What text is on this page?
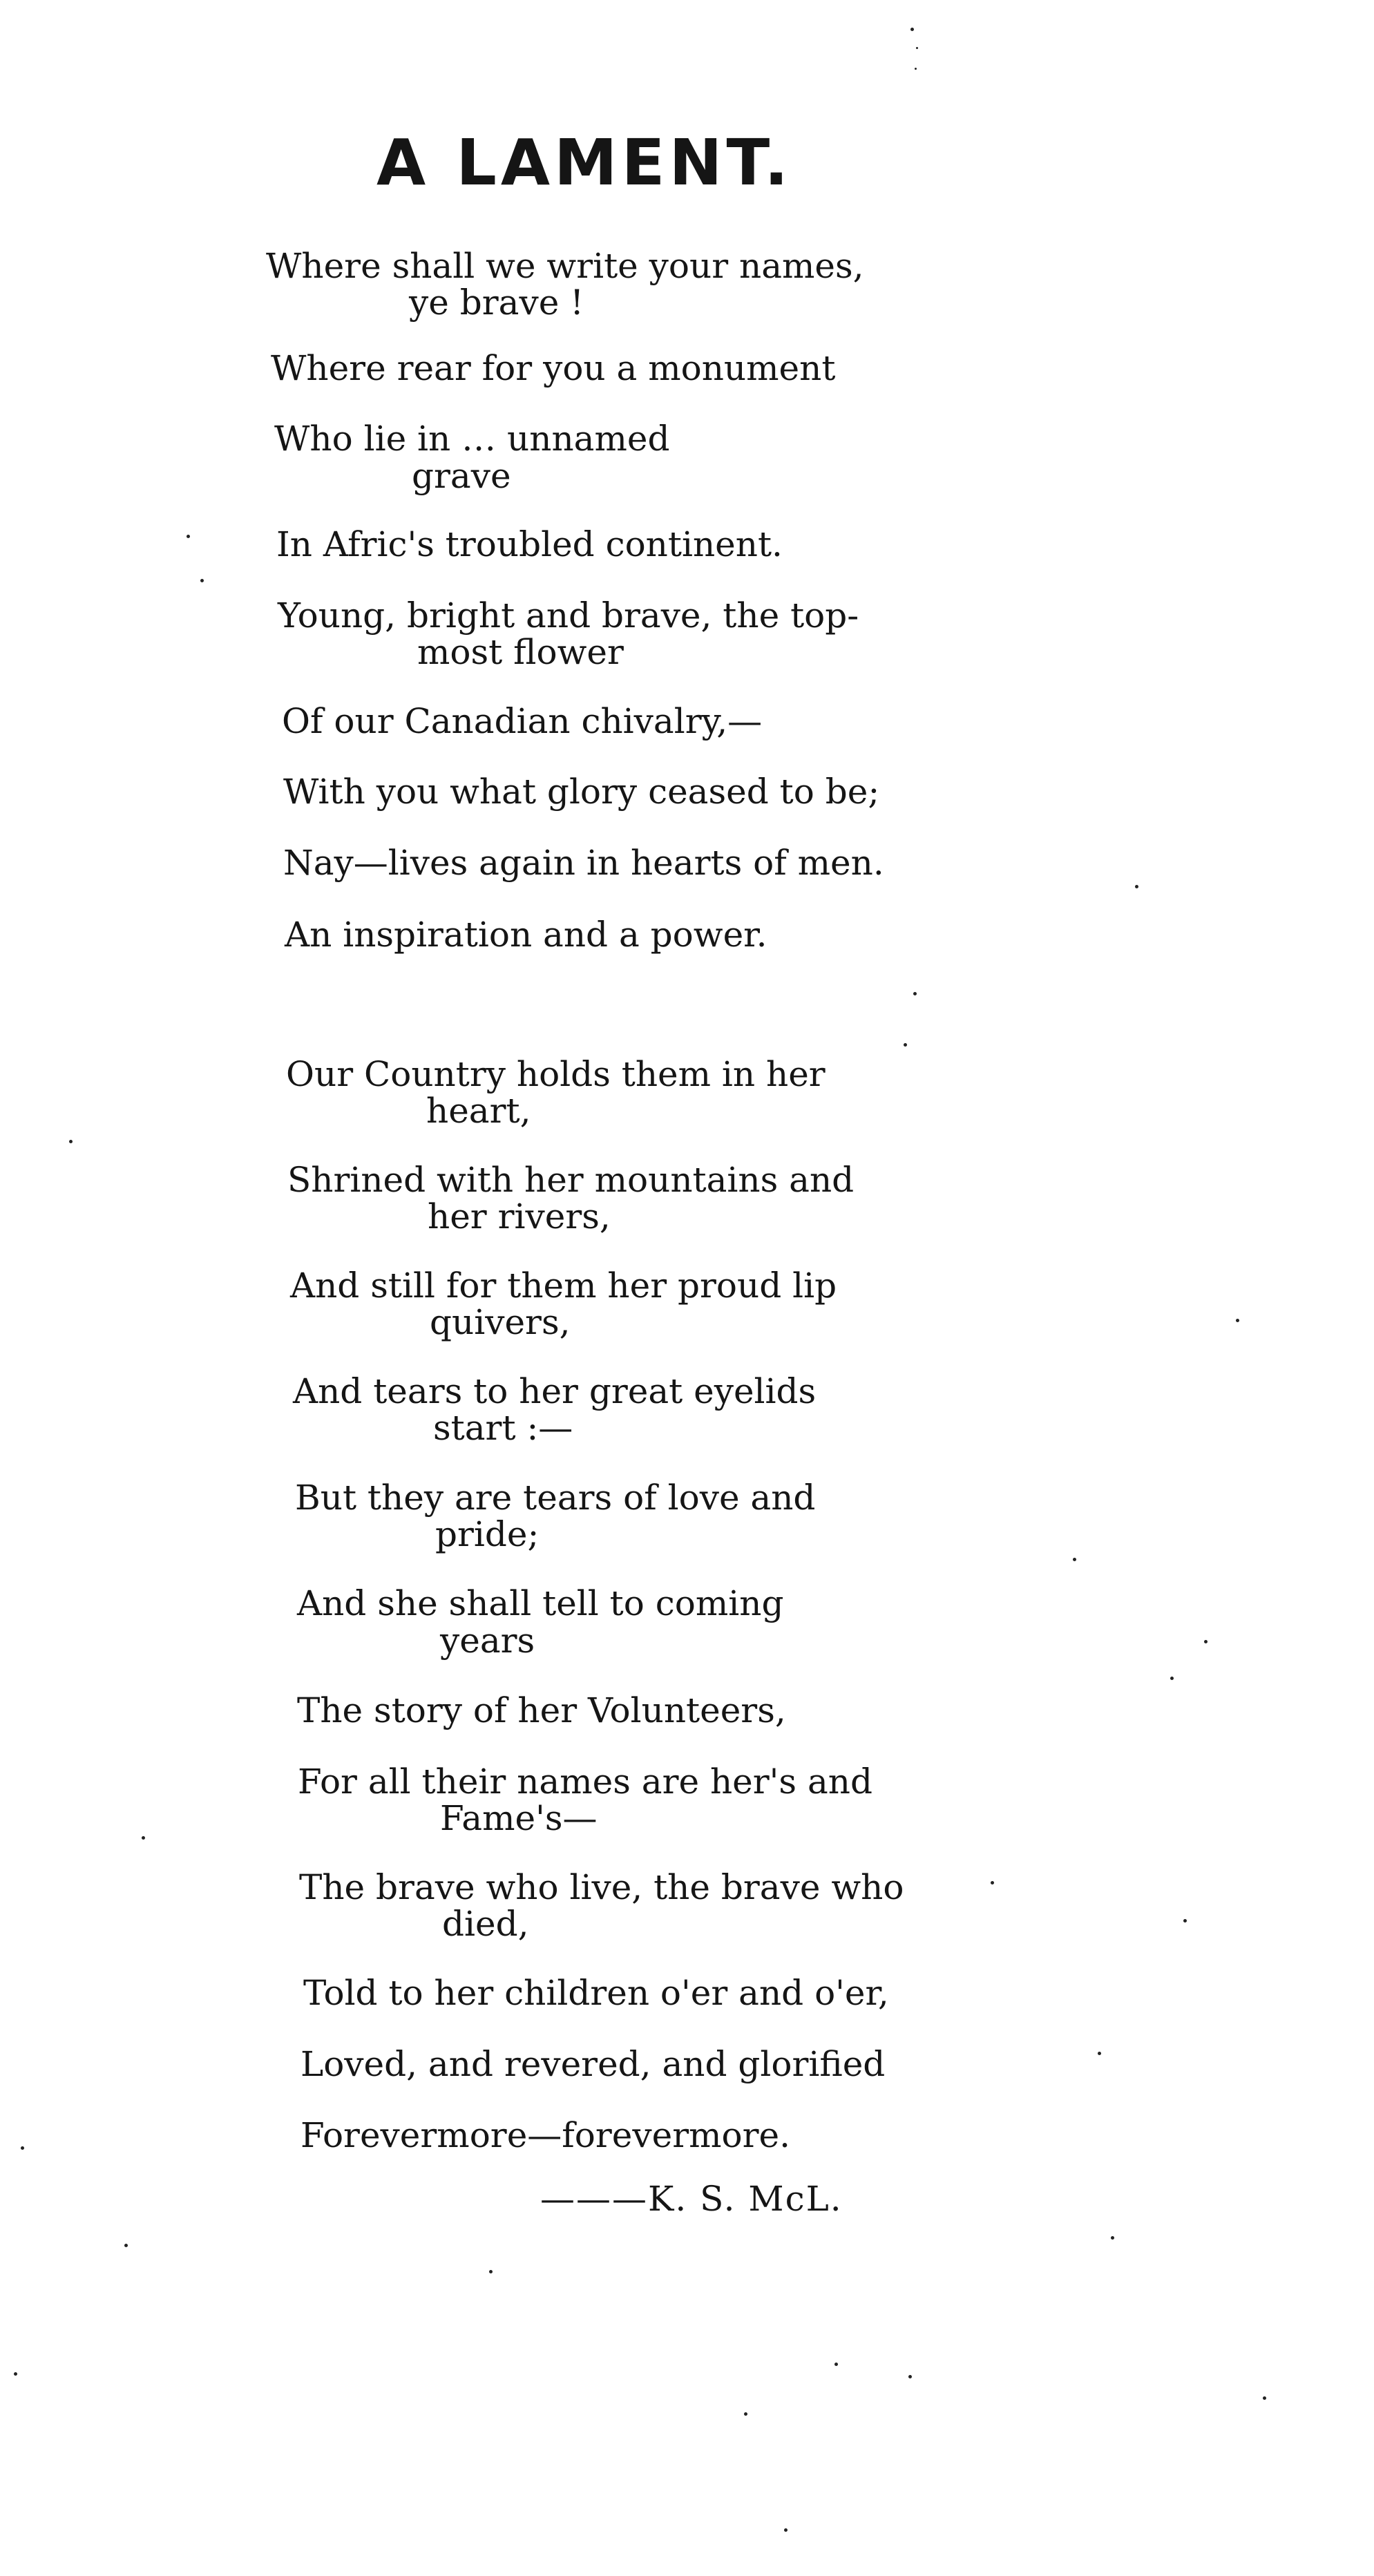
A LAMENT.

Where shall we write your names,

ye brave !

Where rear for you a monument

Who lie in … unnamed

grave

In Afric's troubled continent.

Young, bright and brave, the top-

most flower

Of our Canadian chivalry,—

With you what glory ceased to be;

Nay—lives again in hearts of men.

An inspiration and a power.

Our Country holds them in her

heart,

Shrined with her mountains and

her rivers,

And still for them her proud lip

quivers,

And tears to her great eyelids

start :—

But they are tears of love and

pride;

And she shall tell to coming

years

The story of her Volunteers,

For all their names are her's and

Fame's—

The brave who live, the brave who

died,

Told to her children o'er and o'er,

Loved, and revered, and glorified

Forevermore—forevermore.

———K. S. McL.
